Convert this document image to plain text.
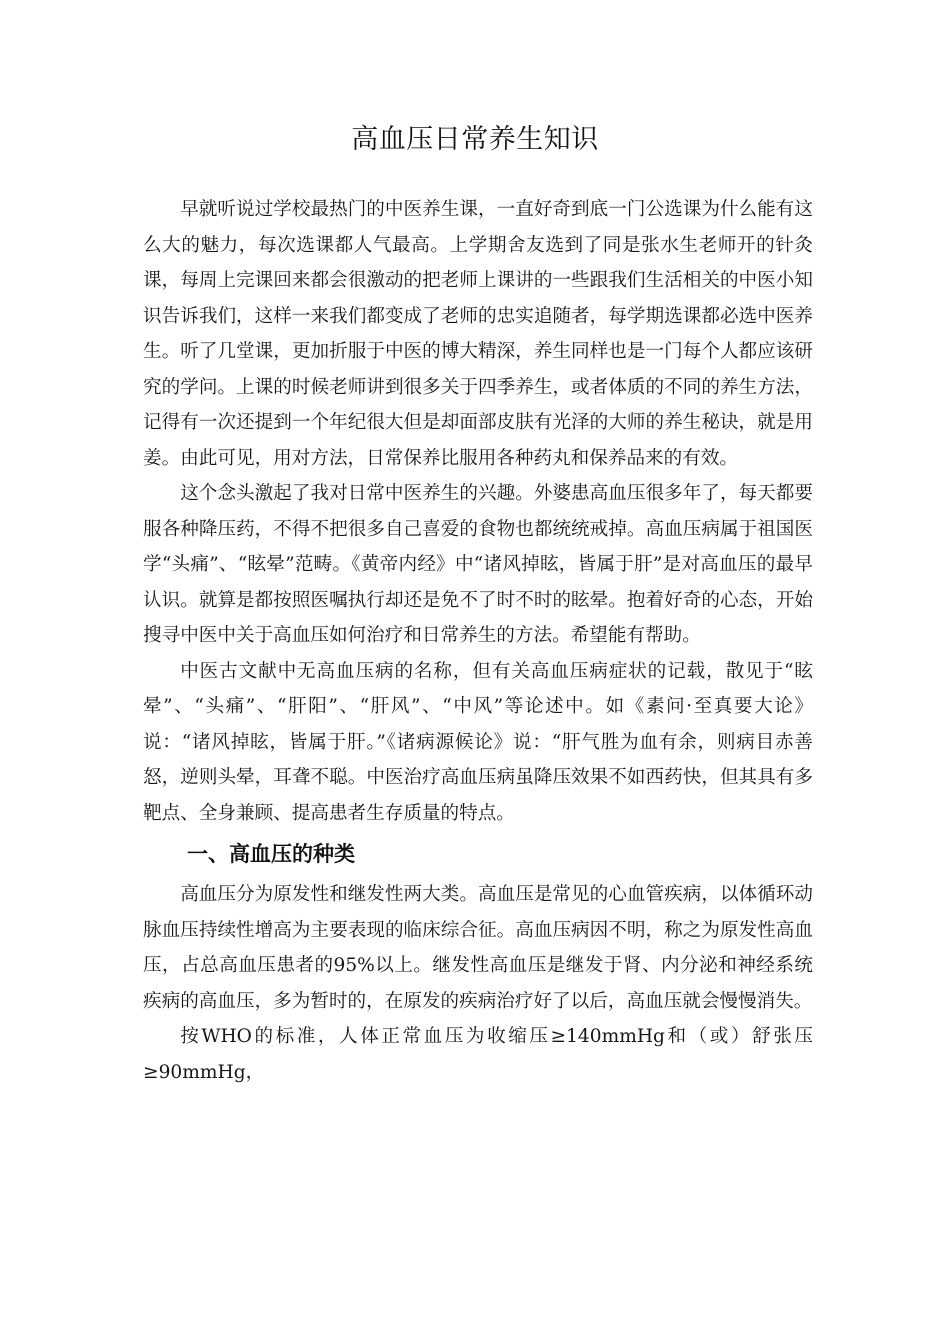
高血压日常养生知识

早就听说过学校最热门的中医养生课，一直好奇到底一门公选课为什么能有这么大的魅力，每次选课都人气最高。上学期舍友选到了同是张水生老师开的针灸课，每周上完课回来都会很激动的把老师上课讲的一些跟我们生活相关的中医小知识告诉我们，这样一来我们都变成了老师的忠实追随者，每学期选课都必选中医养生。听了几堂课，更加折服于中医的博大精深，养生同样也是一门每个人都应该研究的学问。上课的时候老师讲到很多关于四季养生，或者体质的不同的养生方法，记得有一次还提到一个年纪很大但是却面部皮肤有光泽的大师的养生秘诀，就是用姜。由此可见，用对方法，日常保养比服用各种药丸和保养品来的有效。

这个念头激起了我对日常中医养生的兴趣。外婆患高血压很多年了，每天都要服各种降压药，不得不把很多自己喜爱的食物也都统统戒掉。高血压病属于祖国医学“头痛”、“眩晕”范畴。《黄帝内经》中“诸风掉眩，皆属于肝”是对高血压的最早认识。就算是都按照医嘱执行却还是免不了时不时的眩晕。抱着好奇的心态，开始搜寻中医中关于高血压如何治疗和日常养生的方法。希望能有帮助。

中医古文献中无高血压病的名称，但有关高血压病症状的记载，散见于“眩晕”、“头痛”、“肝阳”、“肝风”、“中风”等论述中。如《素问·至真要大论》说：“诸风掉眩，皆属于肝。”《诸病源候论》说：“肝气胜为血有余，则病目赤善怒，逆则头晕，耳聋不聪。中医治疗高血压病虽降压效果不如西药快，但其具有多靶点、全身兼顾、提高患者生存质量的特点。

一、高血压的种类

高血压分为原发性和继发性两大类。高血压是常见的心血管疾病，以体循环动脉血压持续性增高为主要表现的临床综合征。高血压病因不明，称之为原发性高血压，占总高血压患者的95%以上。继发性高血压是继发于肾、内分泌和神经系统疾病的高血压，多为暂时的，在原发的疾病治疗好了以后，高血压就会慢慢消失。

按WHO的标准，人体正常血压为收缩压≥140mmHg和（或）舒张压≥90mmHg，
